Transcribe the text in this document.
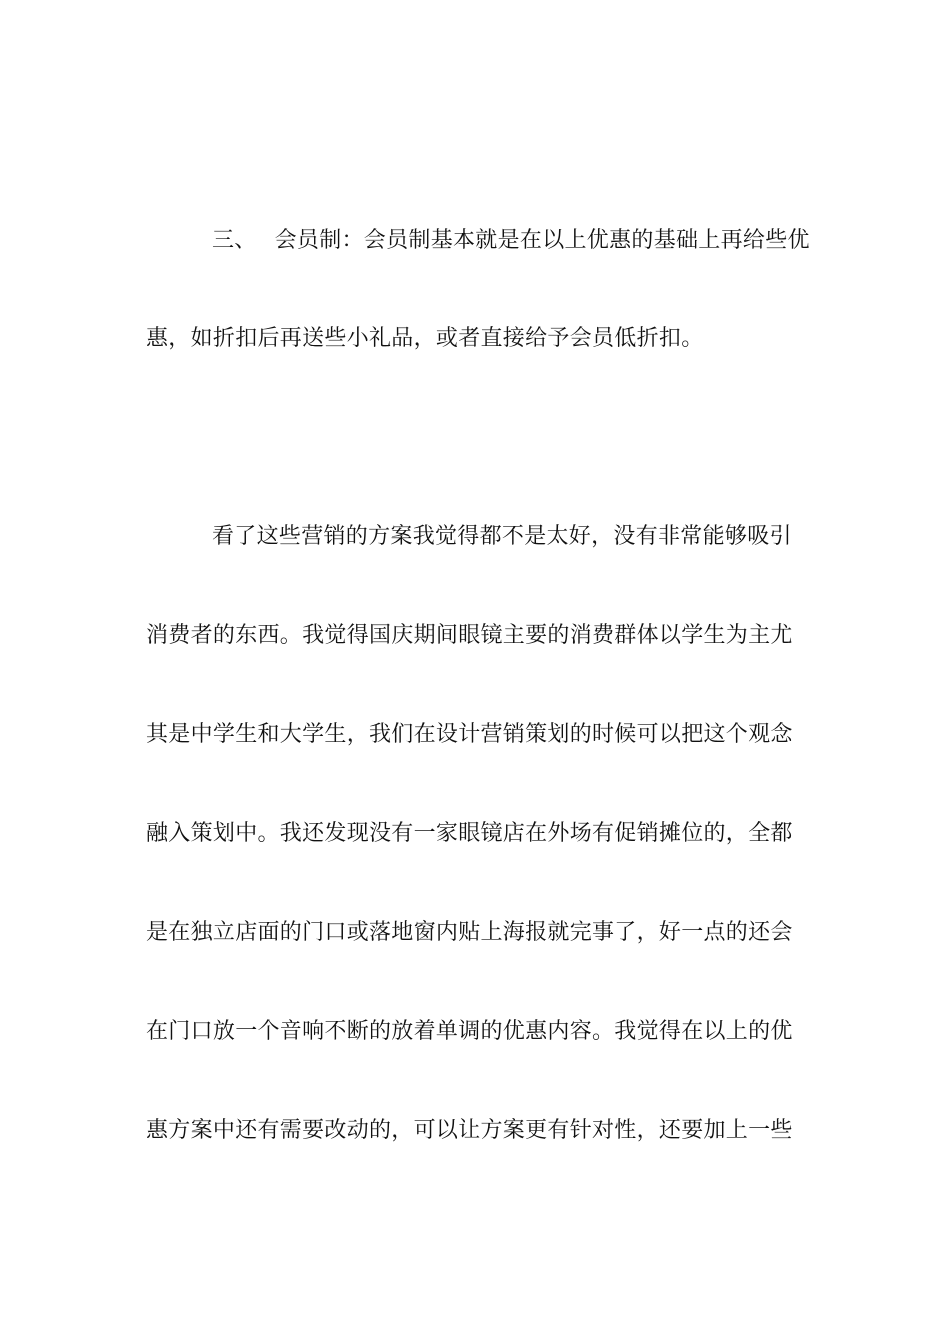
三、 会员制：会员制基本就是在以上优惠的基础上再给些优
惠，如折扣后再送些小礼品，或者直接给予会员低折扣。
看了这些营销的方案我觉得都不是太好，没有非常能够吸引
消费者的东西。我觉得国庆期间眼镜主要的消费群体以学生为主尤
其是中学生和大学生，我们在设计营销策划的时候可以把这个观念
融入策划中。我还发现没有一家眼镜店在外场有促销摊位的，全都
是在独立店面的门口或落地窗内贴上海报就完事了，好一点的还会
在门口放一个音响不断的放着单调的优惠内容。我觉得在以上的优
惠方案中还有需要改动的，可以让方案更有针对性，还要加上一些
